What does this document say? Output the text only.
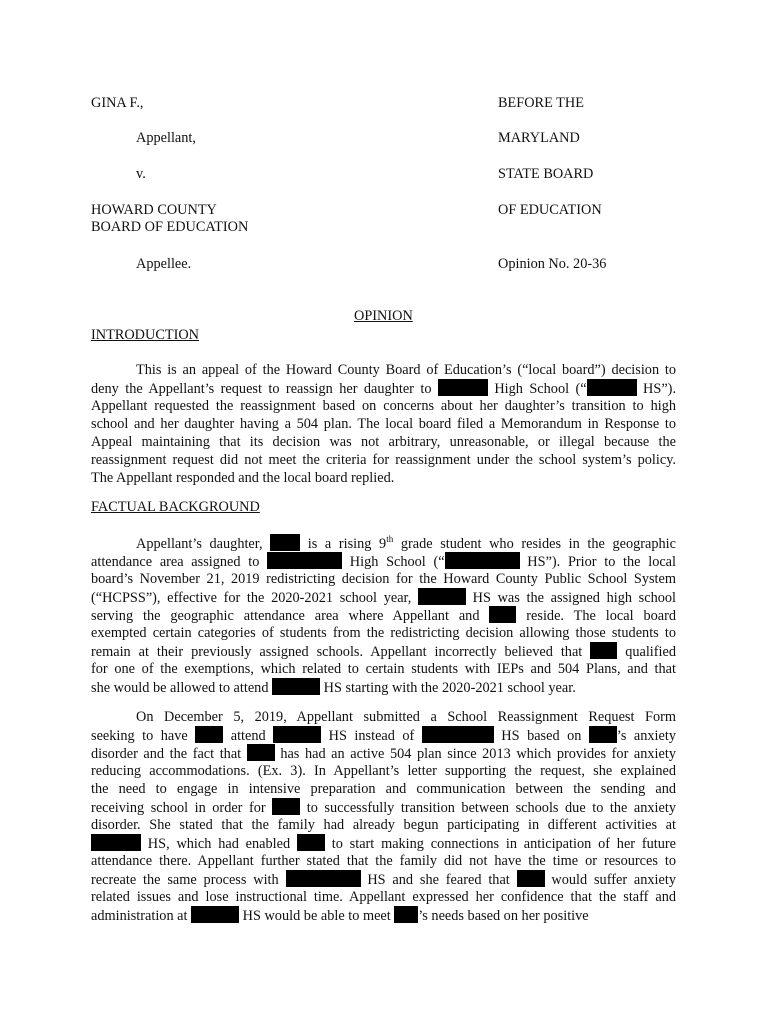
GINA F.,
Appellant,
v.
HOWARD COUNTY
BOARD OF EDUCATION
Appellee.
BEFORE THE
MARYLAND
STATE BOARD
OF EDUCATION
Opinion No. 20-36
OPINION
INTRODUCTION
FACTUAL BACKGROUND
This is an appeal of the Howard County Board of Education’s (“local board”) decision to
deny the Appellant’s request to reassign her daughter to	High School (“	HS”).
Appellant requested the reassignment based on concerns about her daughter’s transition to high
school and her daughter having a 504 plan. The local board filed a Memorandum in Response to
Appeal maintaining that its decision was not arbitrary, unreasonable, or illegal because the
reassignment request did not meet the criteria for reassignment under the school system’s policy.
The Appellant responded and the local board replied.
Appellant’s daughter,  is a rising 9th grade student who resides in the geographic
attendance area assigned to	High School (“	HS”). Prior to the local
board’s November 21, 2019 redistricting decision for the Howard County Public School System
(“HCPSS”), effective for the 2020-2021 school year,	HS was the assigned high school
serving the geographic attendance area where Appellant and  reside. The local board
exempted certain categories of students from the redistricting decision allowing those students to
remain at their previously assigned schools. Appellant incorrectly believed that  qualified
for one of the exemptions, which related to certain students with IEPs and 504 Plans, and that
she would be allowed to attend	HS starting with the 2020-2021 school year.
On December 5, 2019, Appellant submitted a School Reassignment Request Form
seeking to have  attend	HS instead of	HS based on ’s anxiety
disorder and the fact that  has had an active 504 plan since 2013 which provides for anxiety
reducing accommodations. (Ex. 3). In Appellant’s letter supporting the request, she explained
the need to engage in intensive preparation and communication between the sending and
receiving school in order for  to successfully transition between schools due to the anxiety
disorder. She stated that the family had already begun participating in different activities at
HS, which had enabled  to start making connections in anticipation of her future
attendance there. Appellant further stated that the family did not have the time or resources to
recreate the same process with	HS and she feared that  would suffer anxiety
related issues and lose instructional time. Appellant expressed her confidence that the staff and
administration at	HS would be able to meet ’s needs based on her positive
